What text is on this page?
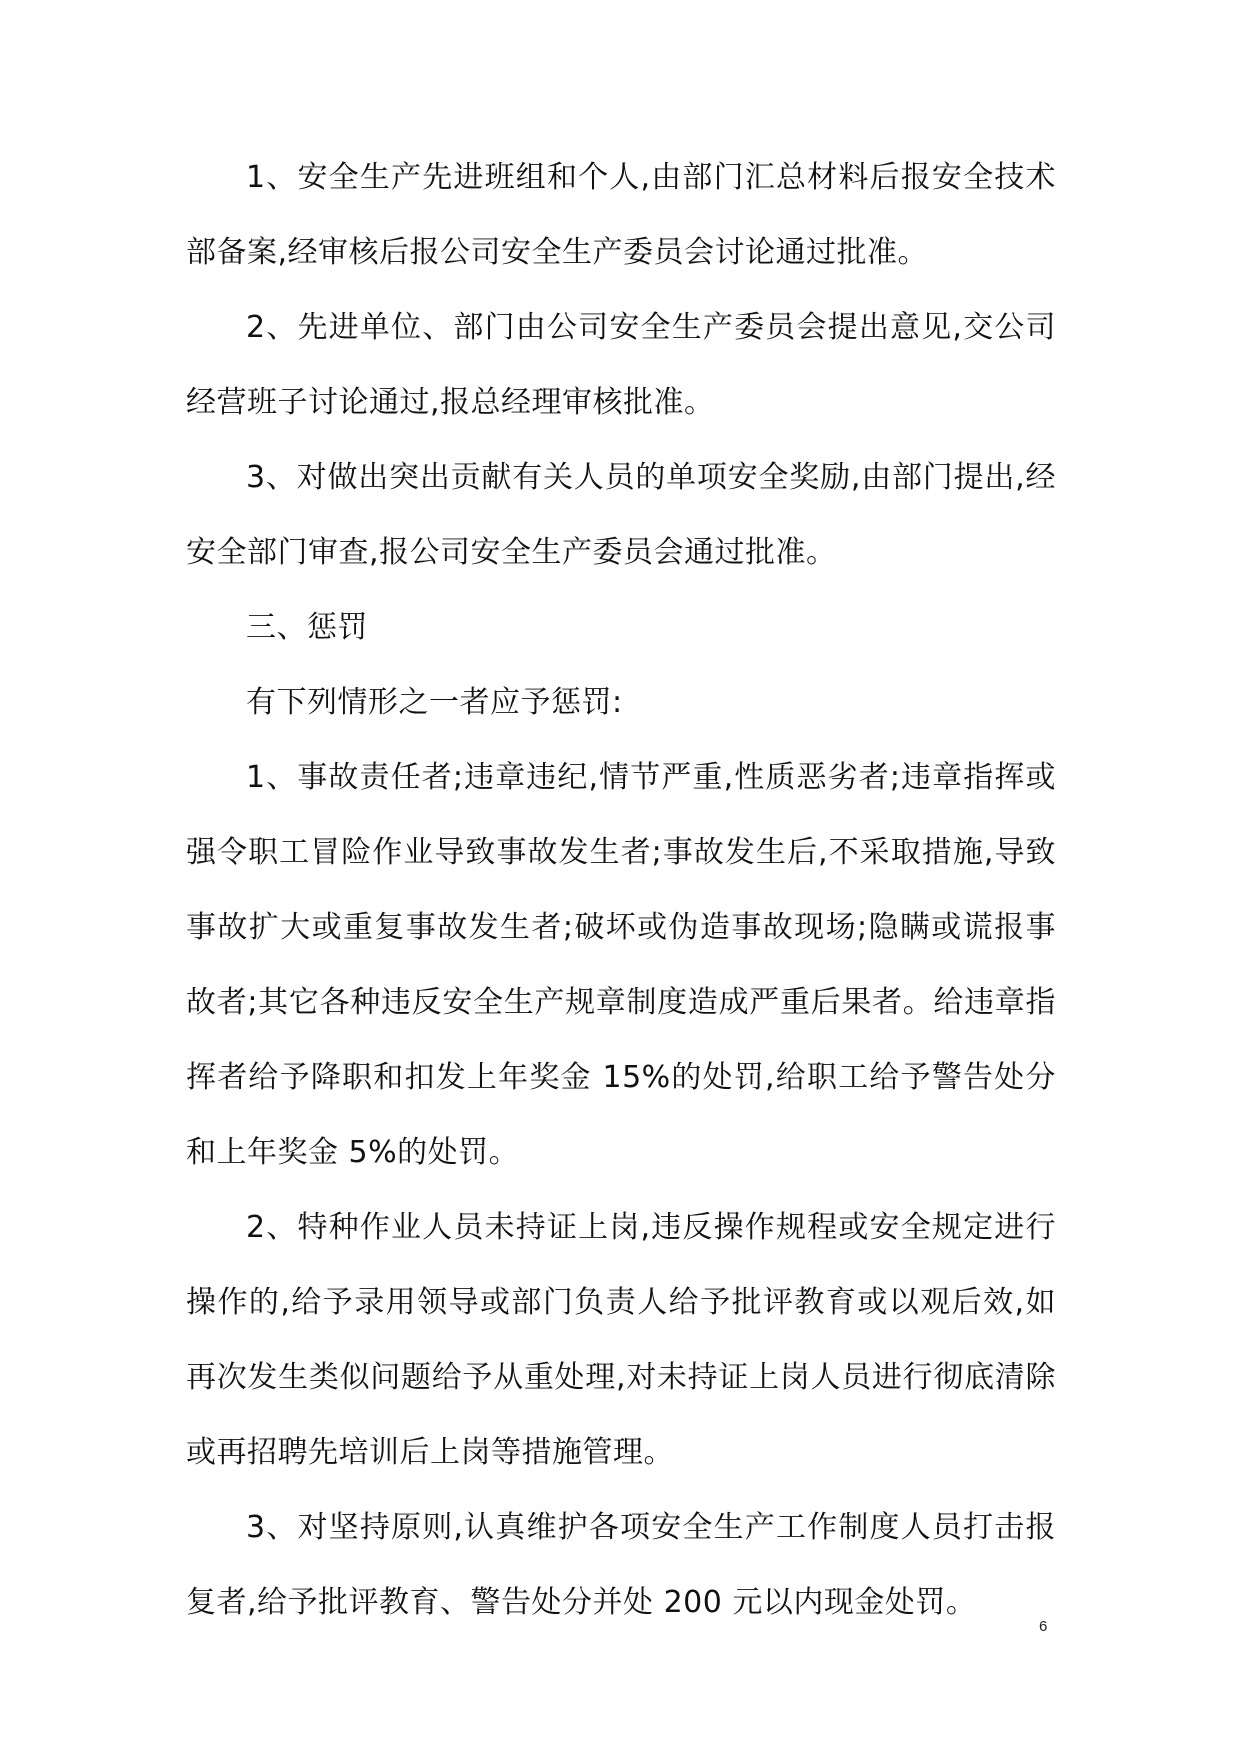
1、安全生产先进班组和个人,由部门汇总材料后报安全技术部备案,经审核后报公司安全生产委员会讨论通过批准。

2、先进单位、部门由公司安全生产委员会提出意见,交公司经营班子讨论通过,报总经理审核批准。

3、对做出突出贡献有关人员的单项安全奖励,由部门提出,经安全部门审查,报公司安全生产委员会通过批准。

三、惩罚

有下列情形之一者应予惩罚:

1、事故责任者;违章违纪,情节严重,性质恶劣者;违章指挥或强令职工冒险作业导致事故发生者;事故发生后,不采取措施,导致事故扩大或重复事故发生者;破坏或伪造事故现场;隐瞒或谎报事故者;其它各种违反安全生产规章制度造成严重后果者。给违章指挥者给予降职和扣发上年奖金 15%的处罚,给职工给予警告处分和上年奖金 5%的处罚。

2、特种作业人员未持证上岗,违反操作规程或安全规定进行操作的,给予录用领导或部门负责人给予批评教育或以观后效,如再次发生类似问题给予从重处理,对未持证上岗人员进行彻底清除或再招聘先培训后上岗等措施管理。

3、对坚持原则,认真维护各项安全生产工作制度人员打击报复者,给予批评教育、警告处分并处 200 元以内现金处罚。

6
